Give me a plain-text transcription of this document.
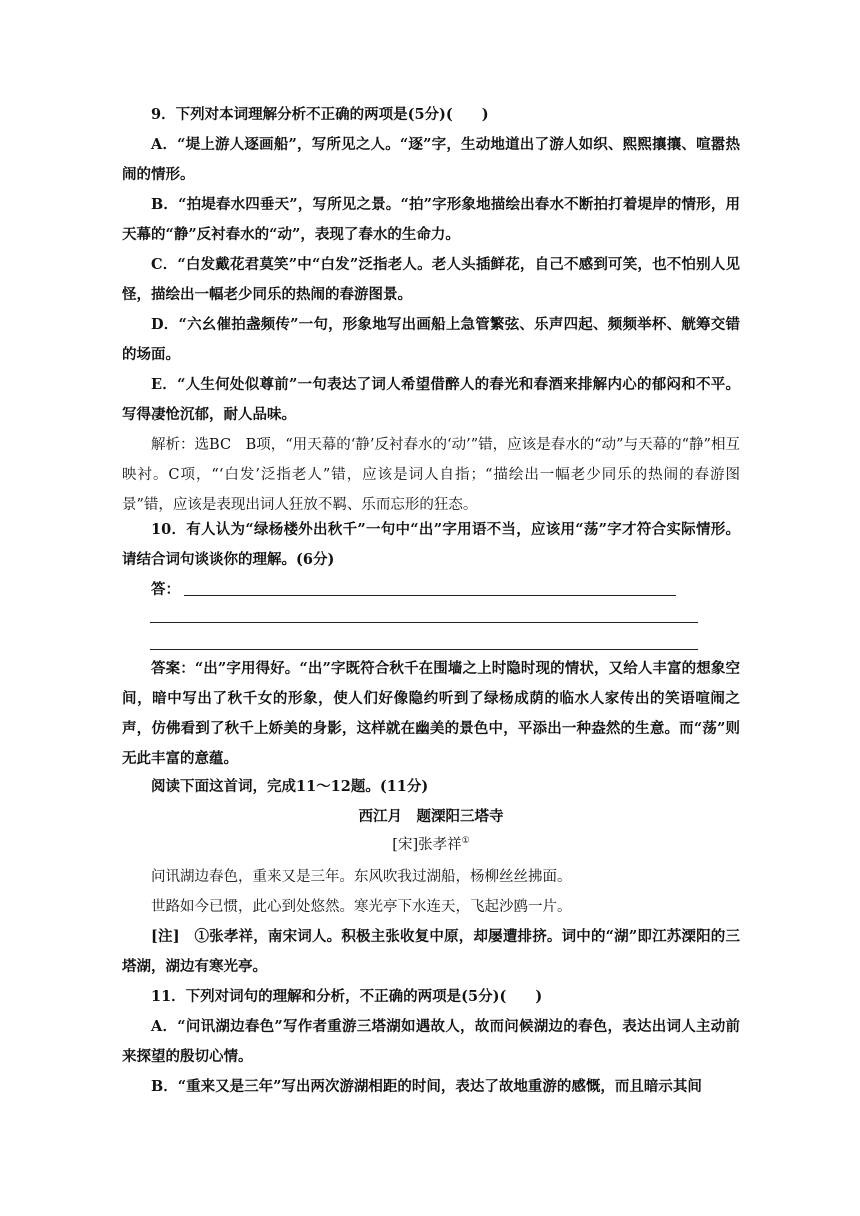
9．下列对本词理解分析不正确的两项是(5分)(　　)

A．“堤上游人逐画船”，写所见之人。“逐”字，生动地道出了游人如织、熙熙攘攘、喧嚣热闹的情形。

B．“拍堤春水四垂天”，写所见之景。“拍”字形象地描绘出春水不断拍打着堤岸的情形，用天幕的“静”反衬春水的“动”，表现了春水的生命力。

C．“白发戴花君莫笑”中“白发”泛指老人。老人头插鲜花，自己不感到可笑，也不怕别人见怪，描绘出一幅老少同乐的热闹的春游图景。

D．“六幺催拍盏频传”一句，形象地写出画船上急管繁弦、乐声四起、频频举杯、觥筹交错的场面。

E．“人生何处似尊前”一句表达了词人希望借醉人的春光和春酒来排解内心的郁闷和不平。写得凄怆沉郁，耐人品味。

解析：选BC　B项，“用天幕的‘静’反衬春水的‘动’”错，应该是春水的“动”与天幕的“静”相互映衬。C项，“‘白发’泛指老人”错，应该是词人自指；“描绘出一幅老少同乐的热闹的春游图景”错，应该是表现出词人狂放不羁、乐而忘形的狂态。

10．有人认为“绿杨楼外出秋千”一句中“出”字用语不当，应该用“荡”字才符合实际情形。请结合词句谈谈你的理解。(6分)

答：

答案：“出”字用得好。“出”字既符合秋千在围墙之上时隐时现的情状，又给人丰富的想象空间，暗中写出了秋千女的形象，使人们好像隐约听到了绿杨成荫的临水人家传出的笑语喧闹之声，仿佛看到了秋千上娇美的身影，这样就在幽美的景色中，平添出一种盎然的生意。而“荡”则无此丰富的意蕴。

阅读下面这首词，完成11～12题。(11分)

西江月　题溧阳三塔寺

[宋]张孝祥①

问讯湖边春色，重来又是三年。东风吹我过湖船，杨柳丝丝拂面。

世路如今已惯，此心到处悠然。寒光亭下水连天，飞起沙鸥一片。

[注]　①张孝祥，南宋词人。积极主张收复中原，却屡遭排挤。词中的“湖”即江苏溧阳的三塔湖，湖边有寒光亭。

11．下列对词句的理解和分析，不正确的两项是(5分)(　　)

A．“问讯湖边春色”写作者重游三塔湖如遇故人，故而问候湖边的春色，表达出词人主动前来探望的殷切心情。

B．“重来又是三年”写出两次游湖相距的时间，表达了故地重游的感慨，而且暗示其间
